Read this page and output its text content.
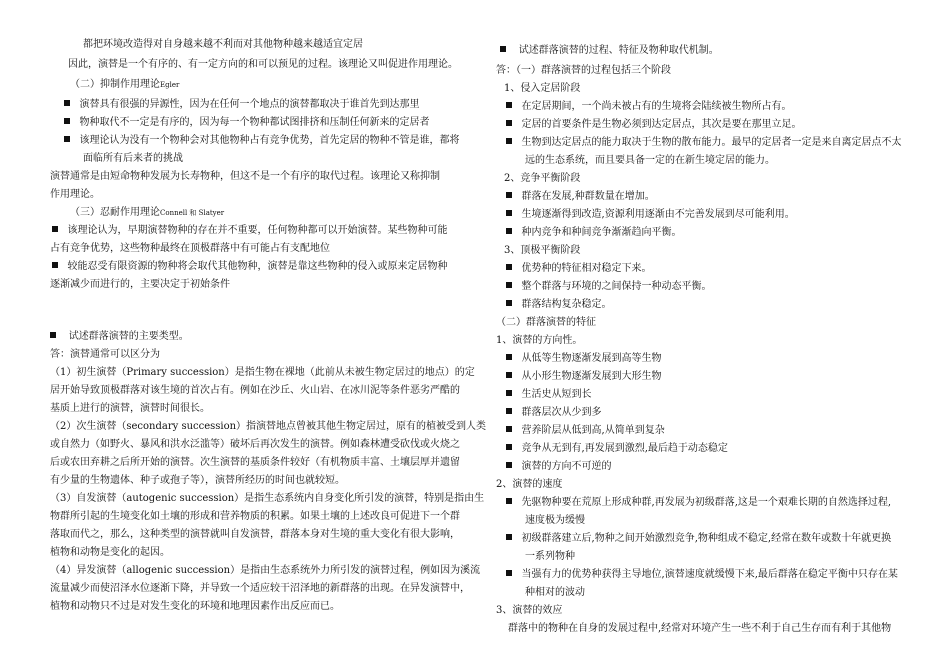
都把环境改造得对自身越来越不利而对其他物种越来越适宜定居
因此，演替是一个有序的、有一定方向的和可以预见的过程。该理论又叫促进作用理论。
（二）抑制作用理论Egler
演替具有很强的异源性，因为在任何一个地点的演替都取决于谁首先到达那里
物种取代不一定是有序的，因为每一个物种都试图排挤和压制任何新来的定居者
该理论认为没有一个物种会对其他物种占有竞争优势，首先定居的物种不管是谁，都将
面临所有后来者的挑战
演替通常是由短命物种发展为长寿物种，但这不是一个有序的取代过程。该理论又称抑制
作用理论。
（三）忍耐作用理论Connell 和 Slatyer
该理论认为，早期演替物种的存在并不重要，任何物种都可以开始演替。某些物种可能
占有竞争优势，这些物种最终在顶极群落中有可能占有支配地位
较能忍受有限资源的物种将会取代其他物种，演替是靠这些物种的侵入或原来定居物种
逐渐减少而进行的，主要决定于初始条件
试述群落演替的主要类型。
答：演替通常可以区分为
（1）初生演替（Primary succession）是指生物在裸地（此前从未被生物定居过的地点）的定
居开始导致顶极群落对该生境的首次占有。例如在沙丘、火山岩、在冰川泥等条件恶劣严酷的
基质上进行的演替，演替时间很长。
（2）次生演替（secondary succession）指演替地点曾被其他生物定居过，原有的植被受到人类
或自然力（如野火、暴风和洪水泛滥等）破坏后再次发生的演替。例如森林遭受砍伐或火烧之
后或农田弃耕之后所开始的演替。次生演替的基质条件较好（有机物质丰富、土壤层厚并遗留
有少量的生物遗体、种子或孢子等），演替所经历的时间也就较短。
（3）自发演替（autogenic succession）是指生态系统内自身变化所引发的演替，特别是指由生
物群所引起的生境变化如土壤的形成和营养物质的积累。如果土壤的上述改良可促进下一个群
落取而代之，那么，这种类型的演替就叫自发演替，群落本身对生境的重大变化有很大影响，
植物和动物是变化的起因。
（4）异发演替（allogenic succession）是指由生态系统外力所引发的演替过程，例如因为溪流
流量减少而使沼泽水位逐渐下降，并导致一个适应较干沼泽地的新群落的出现。在异发演替中，
植物和动物只不过是对发生变化的环境和地理因素作出反应而已。
试述群落演替的过程、特征及物种取代机制。
答：（一）群落演替的过程包括三个阶段
1、侵入定居阶段
在定居期间，一个尚未被占有的生境将会陆续被生物所占有。
定居的首要条件是生物必须到达定居点，其次是要在那里立足。
生物到达定居点的能力取决于生物的散布能力。最早的定居者一定是来自离定居点不太
远的生态系统，而且要具备一定的在新生境定居的能力。
2、竞争平衡阶段
群落在发展,种群数量在增加。
生境逐渐得到改造,资源利用逐渐由不完善发展到尽可能利用。
种内竞争和种间竞争渐渐趋向平衡。
3、顶极平衡阶段
优势种的特征相对稳定下来。
整个群落与环境的之间保持一种动态平衡。
群落结构复杂稳定。
（二）群落演替的特征
1、演替的方向性。
从低等生物逐渐发展到高等生物
从小形生物逐渐发展到大形生物
生活史从短到长
群落层次从少到多
营养阶层从低到高,从简单到复杂
竞争从无到有,再发展到激烈,最后趋于动态稳定
演替的方向不可逆的
2、演替的速度
先驱物种要在荒原上形成种群,再发展为初级群落,这是一个艰难长期的自然选择过程,
速度极为缓慢
初级群落建立后,物种之间开始激烈竞争,物种组成不稳定,经常在数年或数十年就更换
一系列物种
当强有力的优势种获得主导地位,演替速度就缓慢下来,最后群落在稳定平衡中只存在某
种相对的波动
3、演替的效应
群落中的物种在自身的发展过程中,经常对环境产生一些不利于自己生存而有利于其他物
